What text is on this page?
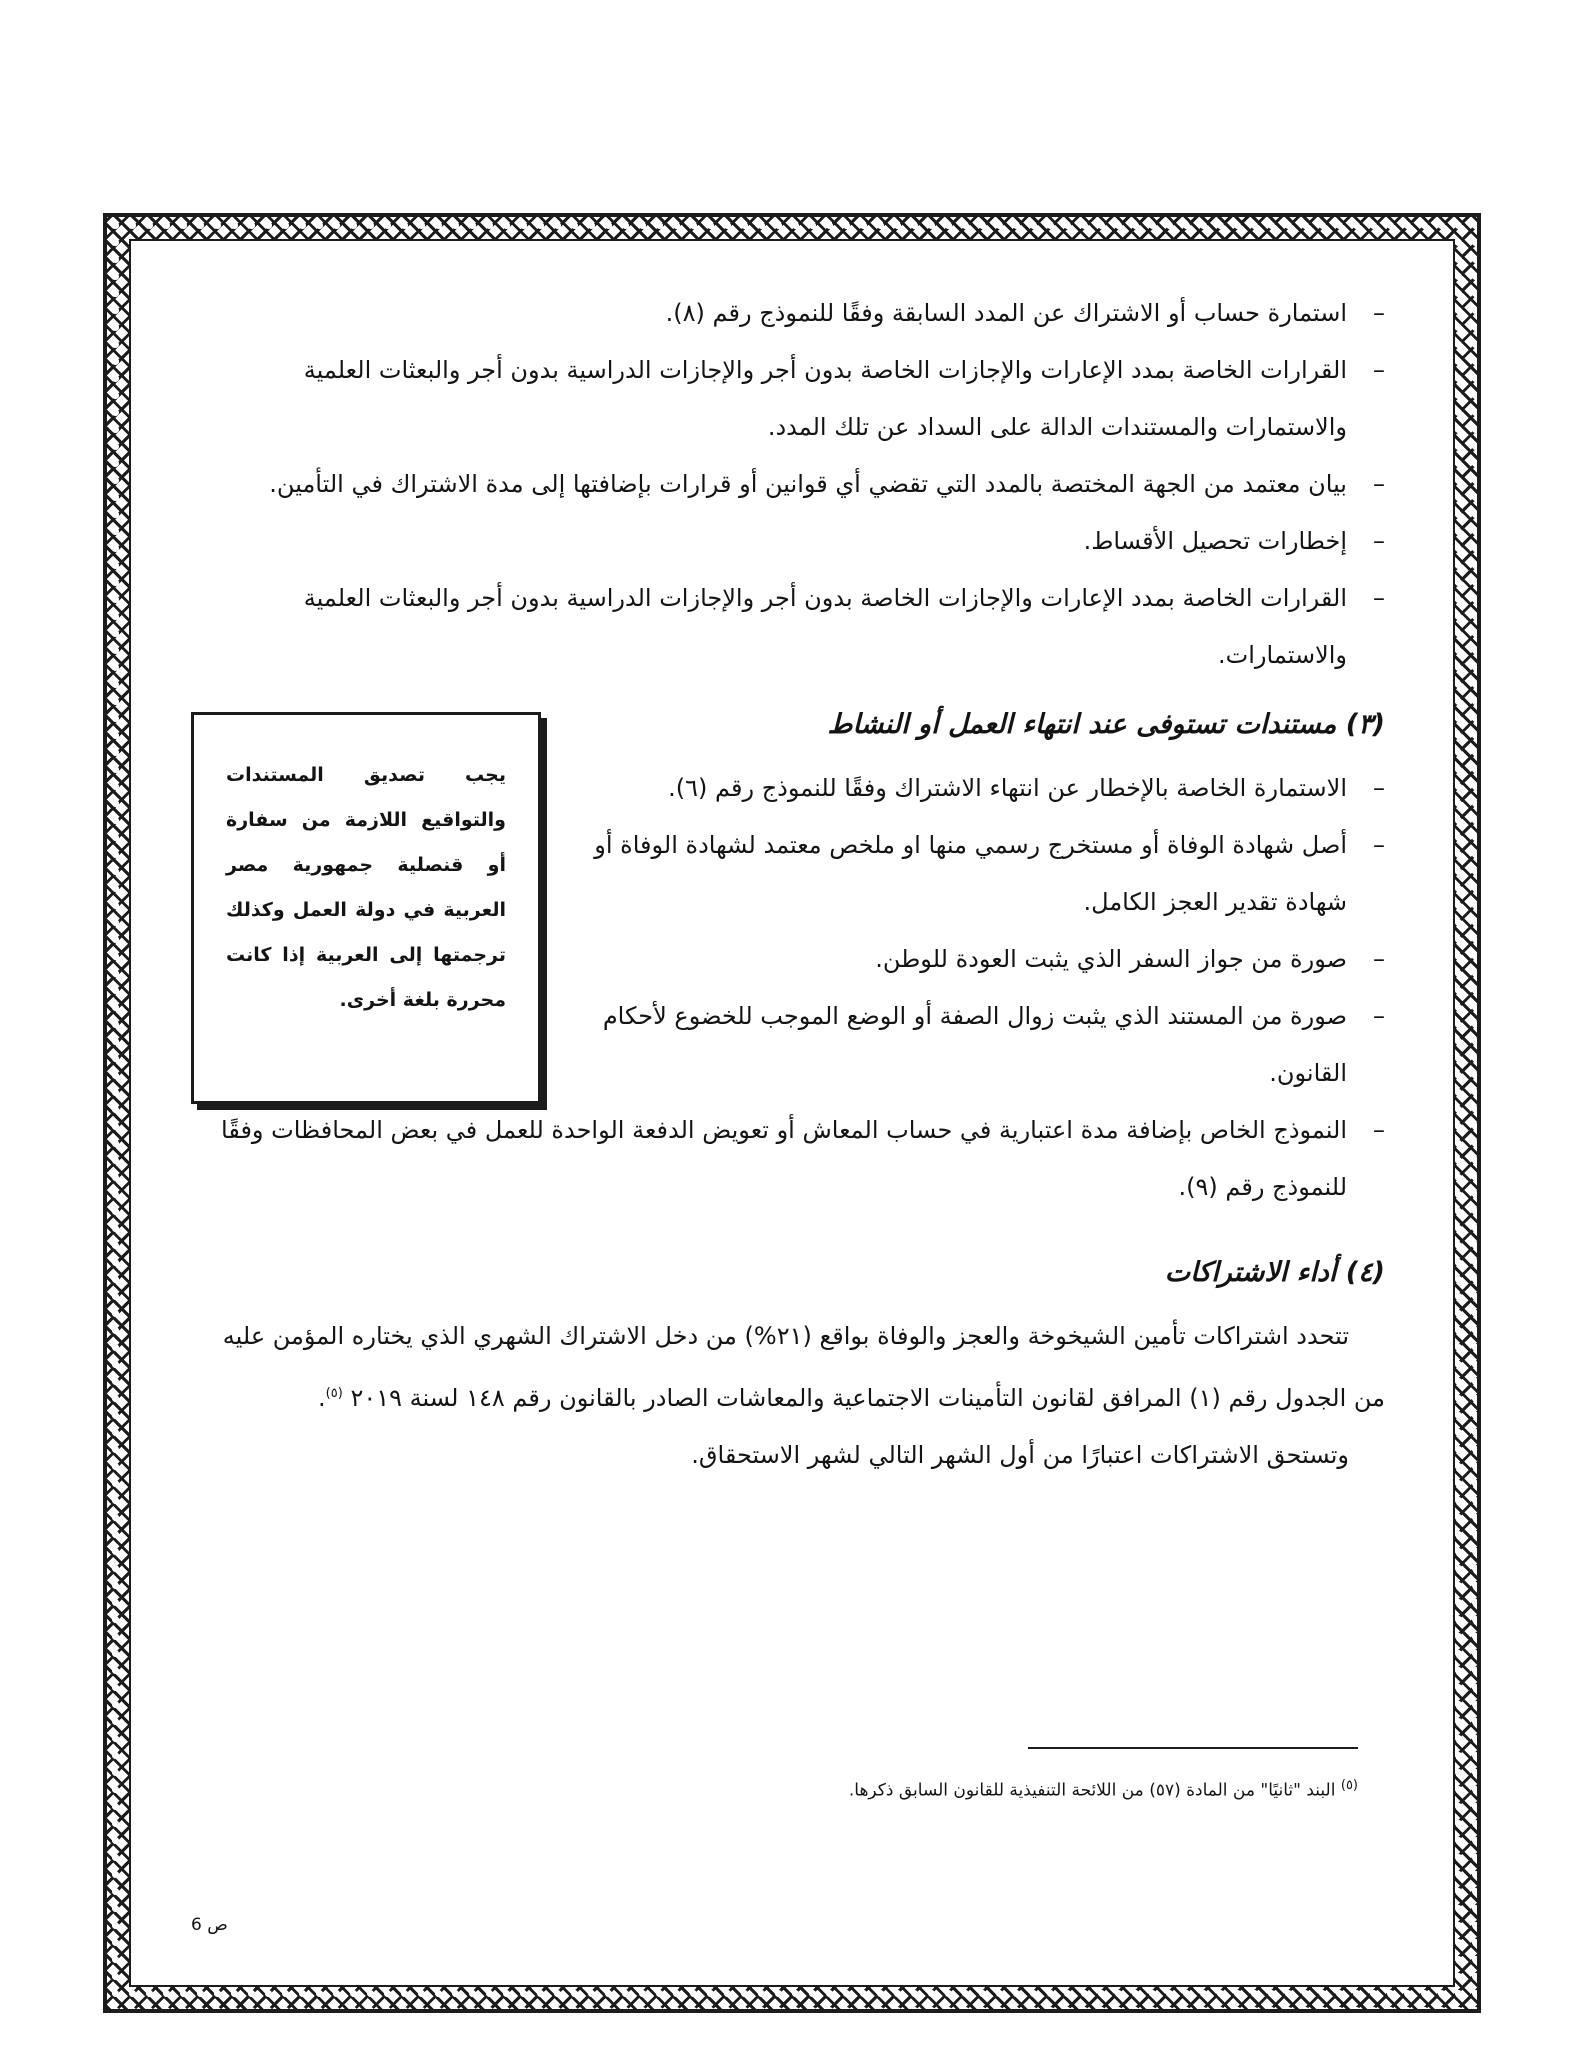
–
استمارة حساب أو الاشتراك عن المدد السابقة وفقًا للنموذج رقم (٨).
–
القرارات الخاصة بمدد الإعارات والإجازات الخاصة بدون أجر والإجازات الدراسية بدون أجر والبعثات العلمية والاستمارات والمستندات الدالة على السداد عن تلك المدد.
–
بيان معتمد من الجهة المختصة بالمدد التي تقضي أي قوانين أو قرارات بإضافتها إلى مدة الاشتراك في التأمين.
–
إخطارات تحصيل الأقساط.
–
القرارات الخاصة بمدد الإعارات والإجازات الخاصة بدون أجر والإجازات الدراسية بدون أجر والبعثات العلمية والاستمارات.
يجب تصديق المستندات والتواقيع اللازمة من سفارة أو قنصلية جمهورية مصر العربية في دولة العمل وكذلك ترجمتها إلى العربية إذا كانت محررة بلغة أخرى.
(٣) مستندات تستوفى عند انتهاء العمل أو النشاط
–
الاستمارة الخاصة بالإخطار عن انتهاء الاشتراك وفقًا للنموذج رقم (٦).
–
أصل شهادة الوفاة أو مستخرج رسمي منها او ملخص معتمد لشهادة الوفاة أو شهادة تقدير العجز الكامل.
–
صورة من جواز السفر الذي يثبت العودة للوطن.
–
صورة من المستند الذي يثبت زوال الصفة أو الوضع الموجب للخضوع لأحكام القانون.
–
النموذج الخاص بإضافة مدة اعتبارية في حساب المعاش أو تعويض الدفعة الواحدة للعمل في بعض المحافظات وفقًا للنموذج رقم (٩).
(٤) أداء الاشتراكات

تتحدد اشتراكات تأمين الشيخوخة والعجز والوفاة بواقع (٢١%) من دخل الاشتراك الشهري الذي يختاره المؤمن عليه من الجدول رقم (١) المرافق لقانون التأمينات الاجتماعية والمعاشات الصادر بالقانون رقم ١٤٨ لسنة ٢٠١٩ $^{(٥)}$.

وتستحق الاشتراكات اعتبارًا من أول الشهر التالي لشهر الاستحقاق.

$^{(٥)}$ البند "ثانيًا" من المادة (٥٧) من اللائحة التنفيذية للقانون السابق ذكرها.
ص 6
